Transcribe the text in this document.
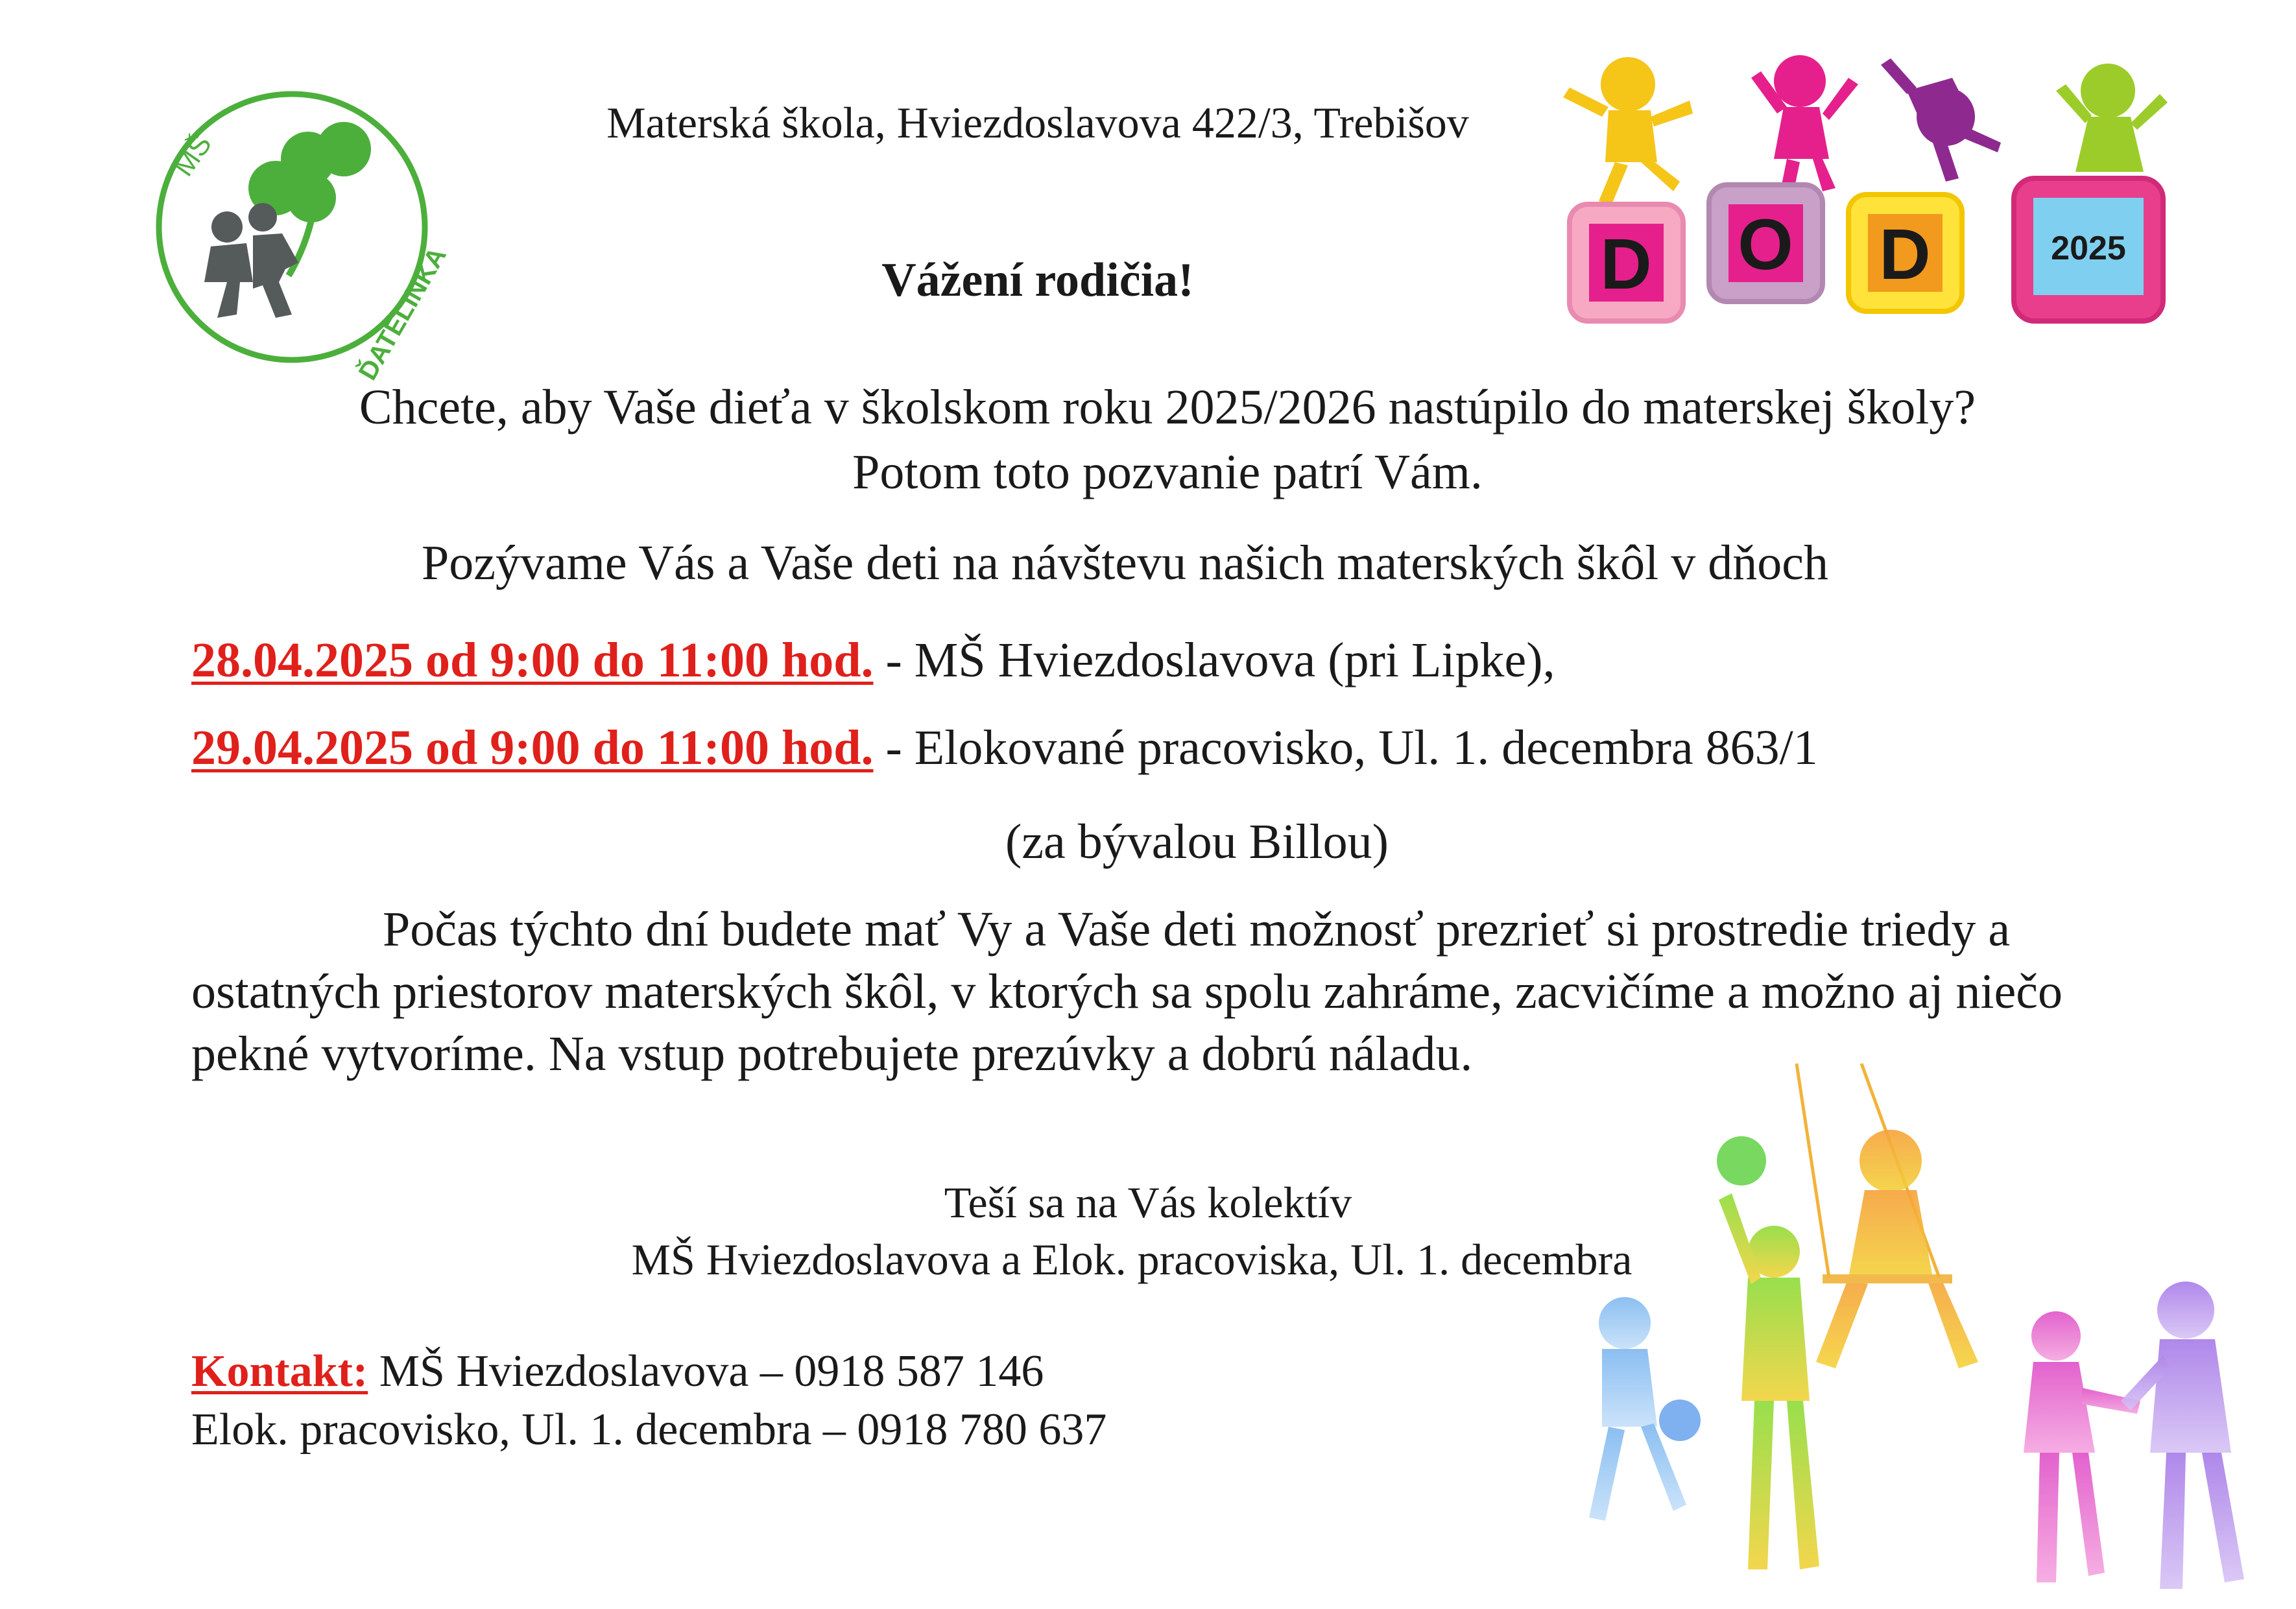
MŠ
ĎATELINKA
Materská škola, Hviezdoslavova 422/3, Trebišov
Vážení rodičia!	D O D	2025
Chcete, aby Vaše dieťa v školskom roku 2025/2026 nastúpilo do materskej školy?
Potom toto pozvanie patrí Vám.
Pozývame Vás a Vaše deti na návštevu našich materských škôl v dňoch
28.04.2025 od 9:00 do 11:00 hod. - MŠ Hviezdoslavova (pri Lipke),
29.04.2025 od 9:00 do 11:00 hod. - Elokované pracovisko, Ul. 1. decembra 863/1
(za bývalou Billou)
Počas týchto dní budete mať Vy a Vaše deti možnosť prezrieť si prostredie triedy a ostatných priestorov materských škôl, v ktorých sa spolu zahráme, zacvičíme a možno aj niečo pekné vytvoríme. Na vstup potrebujete prezúvky a dobrú náladu.
Teší sa na Vás kolektív
MŠ Hviezdoslavova a Elok. pracoviska, Ul. 1. decembra
Kontakt: MŠ Hviezdoslavova – 0918 587 146
Elok. pracovisko, Ul. 1. decembra – 0918 780 637
